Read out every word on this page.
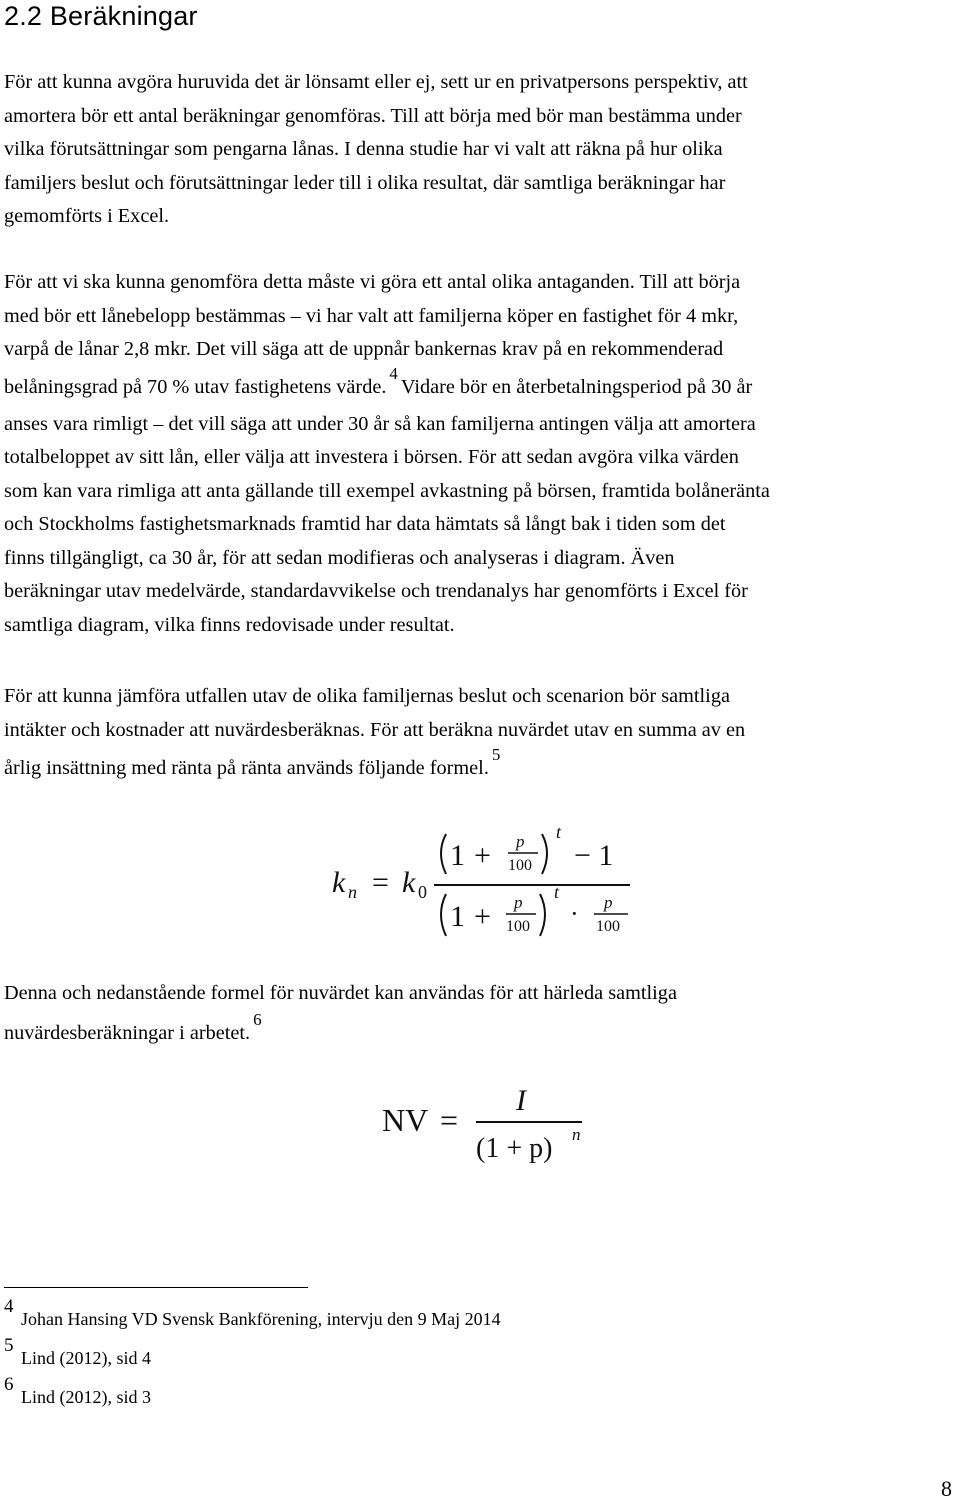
2.2 Beräkningar
För att kunna avgöra huruvida det är lönsamt eller ej, sett ur en privatpersons perspektiv, att
amortera bör ett antal beräkningar genomföras. Till att börja med bör man bestämma under
vilka förutsättningar som pengarna lånas. I denna studie har vi valt att räkna på hur olika
familjers beslut och förutsättningar leder till i olika resultat, där samtliga beräkningar har
gemomförts i Excel.
För att vi ska kunna genomföra detta måste vi göra ett antal olika antaganden. Till att börja
med bör ett lånebelopp bestämmas – vi har valt att familjerna köper en fastighet för 4 mkr,
varpå de lånar 2,8 mkr. Det vill säga att de uppnår bankernas krav på en rekommenderad
belåningsgrad på 70 % utav fastighetens värde.$^4$Vidare bör en återbetalningsperiod på 30 år
anses vara rimligt – det vill säga att under 30 år så kan familjerna antingen välja att amortera
totalbeloppet av sitt lån, eller välja att investera i börsen. För att sedan avgöra vilka värden
som kan vara rimliga att anta gällande till exempel avkastning på börsen, framtida bolåneränta
och Stockholms fastighetsmarknads framtid har data hämtats så långt bak i tiden som det
finns tillgängligt, ca 30 år, för att sedan modifieras och analyseras i diagram. Även
beräkningar utav medelvärde, standardavvikelse och trendanalys har genomförts i Excel för
samtliga diagram, vilka finns redovisade under resultat.
För att kunna jämföra utfallen utav de olika familjernas beslut och scenarion bör samtliga
intäkter och kostnader att nuvärdesberäknas. För att beräkna nuvärdet utav en summa av en
årlig insättning med ränta på ränta används följande formel.$^5$
k n = k 0
1 + p
100
t
− 1
1 + p
100
t
· p
100
Denna och nedanstående formel för nuvärdet kan användas för att härleda samtliga
nuvärdesberäkningar i arbetet.$^6$
NV =
I
(1 + p) n
4
Johan Hansing VD Svensk Bankförening, intervju den 9 Maj 2014
5
Lind (2012), sid 4
6
Lind (2012), sid 3
8
